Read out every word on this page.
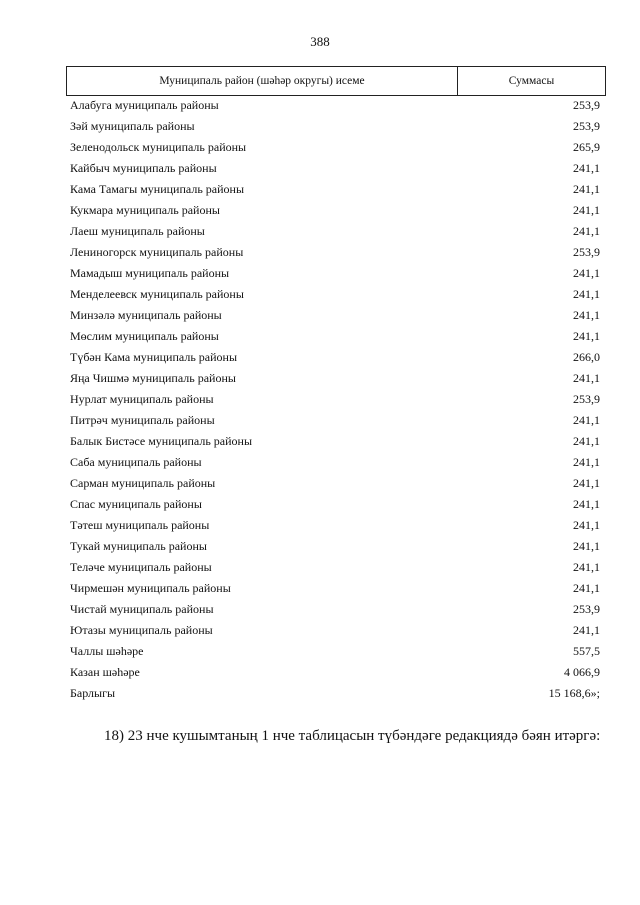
388
Муниципаль район (шәһәр округы) исеме	Суммасы
Алабуга муниципаль районы	253,9
Зәй муниципаль районы	253,9
Зеленодольск муниципаль районы	265,9
Кайбыч муниципаль районы	241,1
Кама Тамагы муниципаль районы	241,1
Кукмара муниципаль районы	241,1
Лаеш муниципаль районы	241,1
Лениногорск муниципаль районы	253,9
Мамадыш муниципаль районы	241,1
Менделеевск муниципаль районы	241,1
Минзәлә муниципаль районы	241,1
Мөслим муниципаль районы	241,1
Түбән Кама муниципаль районы	266,0
Яңа Чишмә муниципаль районы	241,1
Нурлат муниципаль районы	253,9
Питрәч муниципаль районы	241,1
Балык Бистәсе муниципаль районы	241,1
Саба муниципаль районы	241,1
Сарман муниципаль районы	241,1
Спас муниципаль районы	241,1
Тәтеш муниципаль районы	241,1
Тукай муниципаль районы	241,1
Теләче муниципаль районы	241,1
Чирмешән муниципаль районы	241,1
Чистай муниципаль районы	253,9
Ютазы муниципаль районы	241,1
Чаллы шәһәре	557,5
Казан шәһәре	4 066,9
Барлыгы	15 168,6»;
18) 23 нче кушымтаның 1 нче таблицасын түбәндәге редакциядә бәян итәргә:
